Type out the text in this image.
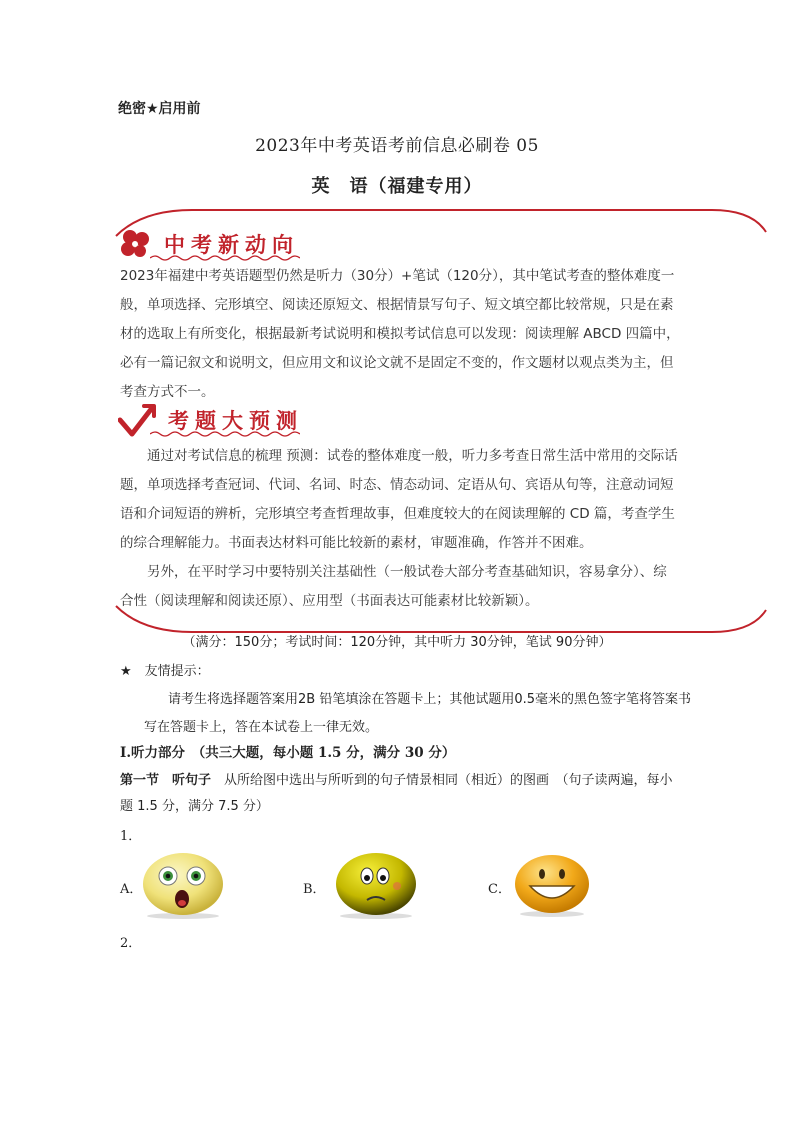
绝密★启用前
2023年中考英语考前信息必刷卷 05
英　语（福建专用）
中考新动向
2023年福建中考英语题型仍然是听力（30分）+笔试（120分），其中笔试考查的整体难度一般，单项选择、完形填空、阅读还原短文、根据情景写句子、短文填空都比较常规，只是在素材的选取上有所变化，根据最新考试说明和模拟考试信息可以发现：阅读理解 ABCD 四篇中，必有一篇记叙文和说明文，但应用文和议论文就不是固定不变的，作文题材以观点类为主，但考查方式不一。
考题大预测
通过对考试信息的梳理 预测：试卷的整体难度一般，听力多考查日常生活中常用的交际话题，单项选择考查冠词、代词、名词、时态、情态动词、定语从句、宾语从句等，注意动词短语和介词短语的辨析，完形填空考查哲理故事，但难度较大的在阅读理解的 CD 篇，考查学生的综合理解能力。书面表达材料可能比较新的素材，审题准确，作答并不困难。
另外，在平时学习中要特别关注基础性（一般试卷大部分考查基础知识，容易拿分）、综合性（阅读理解和阅读还原）、应用型（书面表达可能素材比较新颖）。
（满分：150分；考试时间：120分钟，其中听力 30分钟，笔试 90分钟）
★　友情提示：
请考生将选择题答案用2B 铅笔填涂在答题卡上；其他试题用0.5毫米的黑色签字笔将答案书写在答题卡上，答在本试卷上一律无效。
I.听力部分　（共三大题，每小题 1.5 分，满分 30 分）
第一节　听句子　从所给图中选出与所听到的句子情景相同（相近）的图画　（句子读两遍，每小题 1.5 分，满分 7.5 分）
1．
A．	B．	C．
2．
